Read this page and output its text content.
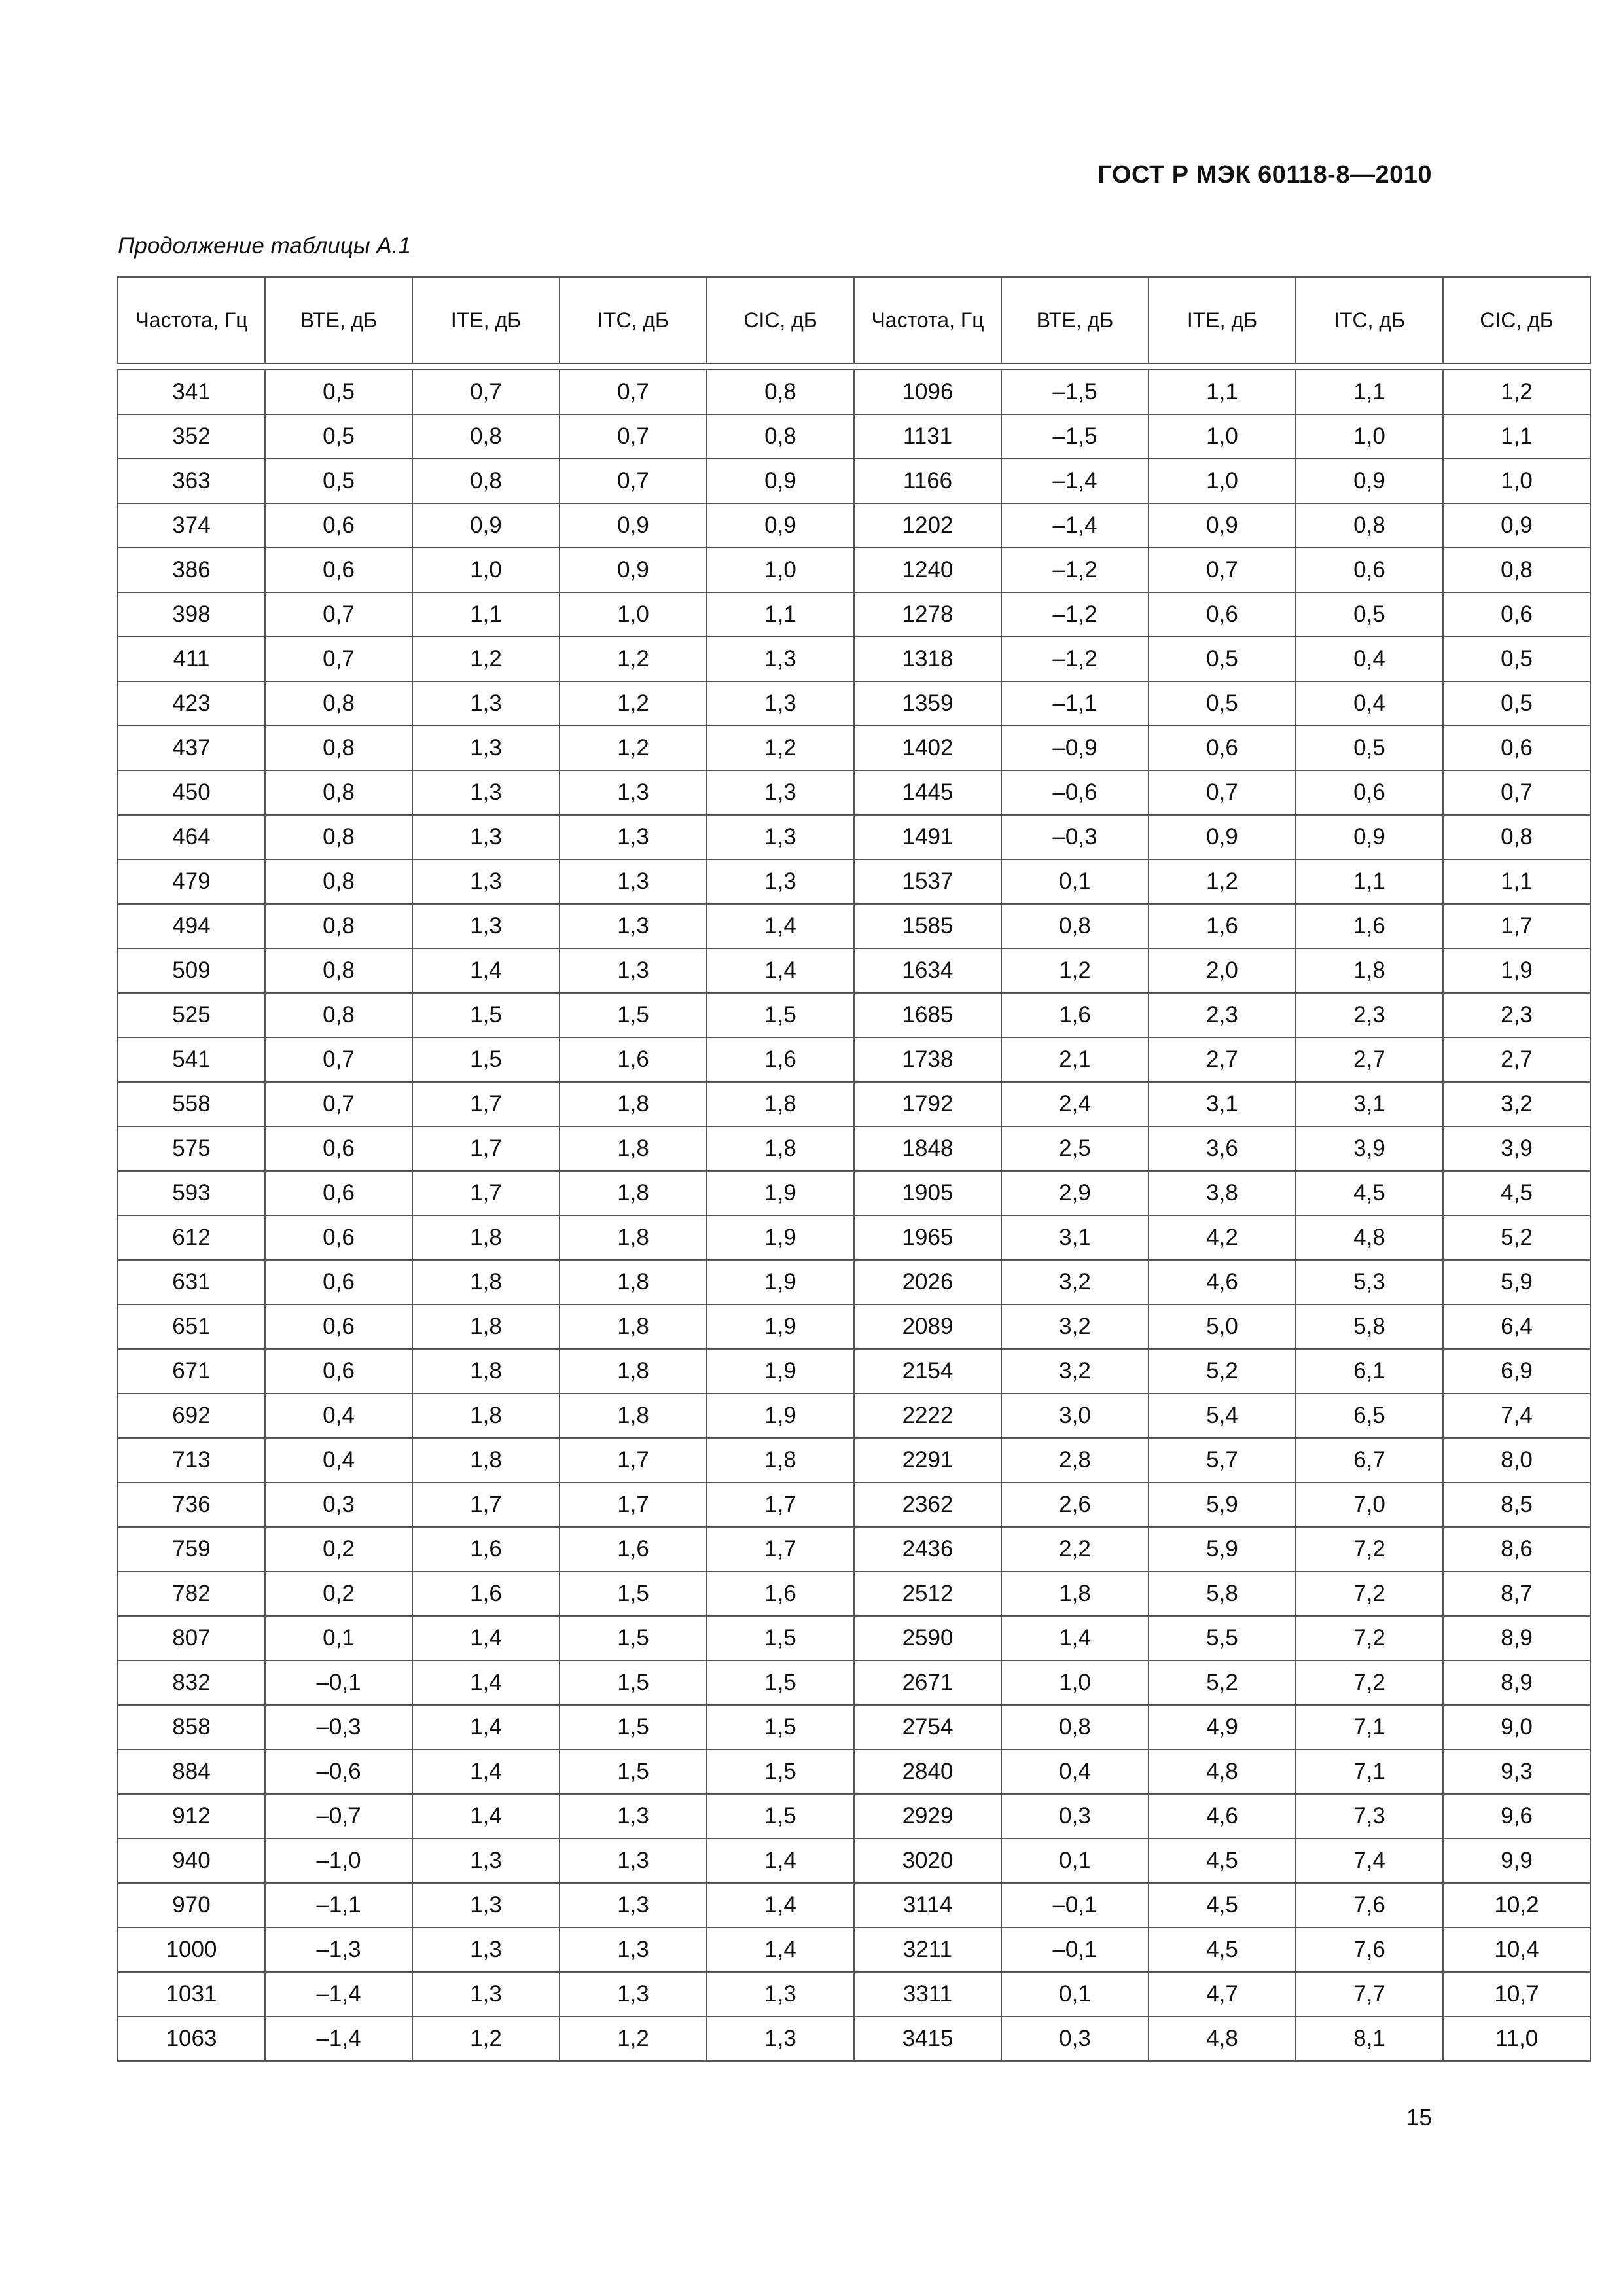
ГОСТ Р МЭК 60118-8—2010
Продолжение таблицы А.1
Частота, Гц	ВТЕ, дБ	ITE, дБ	ITC, дБ	CIC, дБ	Частота, Гц	ВТЕ, дБ	ITE, дБ	ITC, дБ	CIC, дБ

341	0,5	0,7	0,7	0,8	1096	–1,5	1,1	1,1	1,2
352	0,5	0,8	0,7	0,8	1131	–1,5	1,0	1,0	1,1
363	0,5	0,8	0,7	0,9	1166	–1,4	1,0	0,9	1,0
374	0,6	0,9	0,9	0,9	1202	–1,4	0,9	0,8	0,9
386	0,6	1,0	0,9	1,0	1240	–1,2	0,7	0,6	0,8
398	0,7	1,1	1,0	1,1	1278	–1,2	0,6	0,5	0,6
411	0,7	1,2	1,2	1,3	1318	–1,2	0,5	0,4	0,5
423	0,8	1,3	1,2	1,3	1359	–1,1	0,5	0,4	0,5
437	0,8	1,3	1,2	1,2	1402	–0,9	0,6	0,5	0,6
450	0,8	1,3	1,3	1,3	1445	–0,6	0,7	0,6	0,7
464	0,8	1,3	1,3	1,3	1491	–0,3	0,9	0,9	0,8
479	0,8	1,3	1,3	1,3	1537	0,1	1,2	1,1	1,1
494	0,8	1,3	1,3	1,4	1585	0,8	1,6	1,6	1,7
509	0,8	1,4	1,3	1,4	1634	1,2	2,0	1,8	1,9
525	0,8	1,5	1,5	1,5	1685	1,6	2,3	2,3	2,3
541	0,7	1,5	1,6	1,6	1738	2,1	2,7	2,7	2,7
558	0,7	1,7	1,8	1,8	1792	2,4	3,1	3,1	3,2
575	0,6	1,7	1,8	1,8	1848	2,5	3,6	3,9	3,9
593	0,6	1,7	1,8	1,9	1905	2,9	3,8	4,5	4,5
612	0,6	1,8	1,8	1,9	1965	3,1	4,2	4,8	5,2
631	0,6	1,8	1,8	1,9	2026	3,2	4,6	5,3	5,9
651	0,6	1,8	1,8	1,9	2089	3,2	5,0	5,8	6,4
671	0,6	1,8	1,8	1,9	2154	3,2	5,2	6,1	6,9
692	0,4	1,8	1,8	1,9	2222	3,0	5,4	6,5	7,4
713	0,4	1,8	1,7	1,8	2291	2,8	5,7	6,7	8,0
736	0,3	1,7	1,7	1,7	2362	2,6	5,9	7,0	8,5
759	0,2	1,6	1,6	1,7	2436	2,2	5,9	7,2	8,6
782	0,2	1,6	1,5	1,6	2512	1,8	5,8	7,2	8,7
807	0,1	1,4	1,5	1,5	2590	1,4	5,5	7,2	8,9
832	–0,1	1,4	1,5	1,5	2671	1,0	5,2	7,2	8,9
858	–0,3	1,4	1,5	1,5	2754	0,8	4,9	7,1	9,0
884	–0,6	1,4	1,5	1,5	2840	0,4	4,8	7,1	9,3
912	–0,7	1,4	1,3	1,5	2929	0,3	4,6	7,3	9,6
940	–1,0	1,3	1,3	1,4	3020	0,1	4,5	7,4	9,9
970	–1,1	1,3	1,3	1,4	3114	–0,1	4,5	7,6	10,2
1000	–1,3	1,3	1,3	1,4	3211	–0,1	4,5	7,6	10,4
1031	–1,4	1,3	1,3	1,3	3311	0,1	4,7	7,7	10,7
1063	–1,4	1,2	1,2	1,3	3415	0,3	4,8	8,1	11,0
15
